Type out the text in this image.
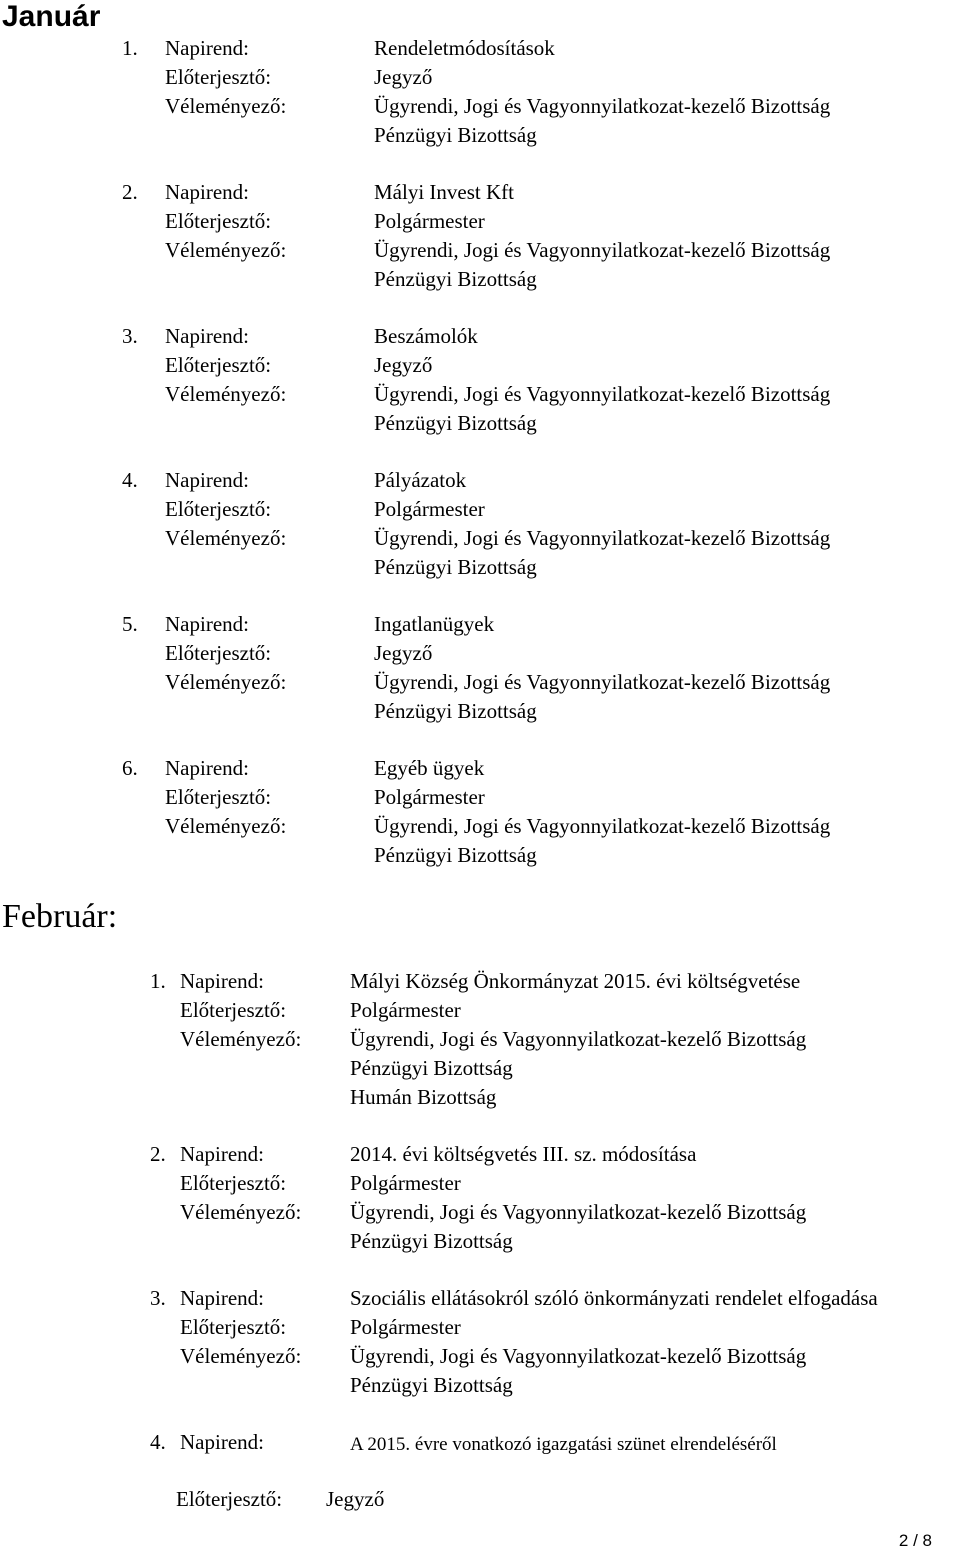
Január
1. Napirend:	Rendeletmódosítások
Előterjesztő:	Jegyző
Véleményező:	Ügyrendi, Jogi és Vagyonnyilatkozat-kezelő Bizottság
Pénzügyi Bizottság
2. Napirend:	Mályi Invest Kft
Előterjesztő:	Polgármester
Véleményező:	Ügyrendi, Jogi és Vagyonnyilatkozat-kezelő Bizottság
Pénzügyi Bizottság
3. Napirend:	Beszámolók
Előterjesztő:	Jegyző
Véleményező:	Ügyrendi, Jogi és Vagyonnyilatkozat-kezelő Bizottság
Pénzügyi Bizottság
4. Napirend:	Pályázatok
Előterjesztő:	Polgármester
Véleményező:	Ügyrendi, Jogi és Vagyonnyilatkozat-kezelő Bizottság
Pénzügyi Bizottság
5. Napirend:	Ingatlanügyek
Előterjesztő:	Jegyző
Véleményező:	Ügyrendi, Jogi és Vagyonnyilatkozat-kezelő Bizottság
Pénzügyi Bizottság
6. Napirend:	Egyéb ügyek
Előterjesztő:	Polgármester
Véleményező:	Ügyrendi, Jogi és Vagyonnyilatkozat-kezelő Bizottság
Pénzügyi Bizottság
Február:
1. Napirend:	Mályi Község Önkormányzat 2015. évi költségvetése
Előterjesztő:	Polgármester
Véleményező: Ügyrendi, Jogi és Vagyonnyilatkozat-kezelő Bizottság
Pénzügyi Bizottság
Humán Bizottság
2. Napirend:	2014. évi költségvetés III. sz. módosítása
Előterjesztő:	Polgármester
Véleményező: Ügyrendi, Jogi és Vagyonnyilatkozat-kezelő Bizottság
Pénzügyi Bizottság
3. Napirend:	Szociális ellátásokról szóló önkormányzati rendelet elfogadása
Előterjesztő:	Polgármester
Véleményező: Ügyrendi, Jogi és Vagyonnyilatkozat-kezelő Bizottság
Pénzügyi Bizottság
4. Napirend:	A 2015. évre vonatkozó igazgatási szünet elrendeléséről
Előterjesztő: Jegyző
2 / 8
